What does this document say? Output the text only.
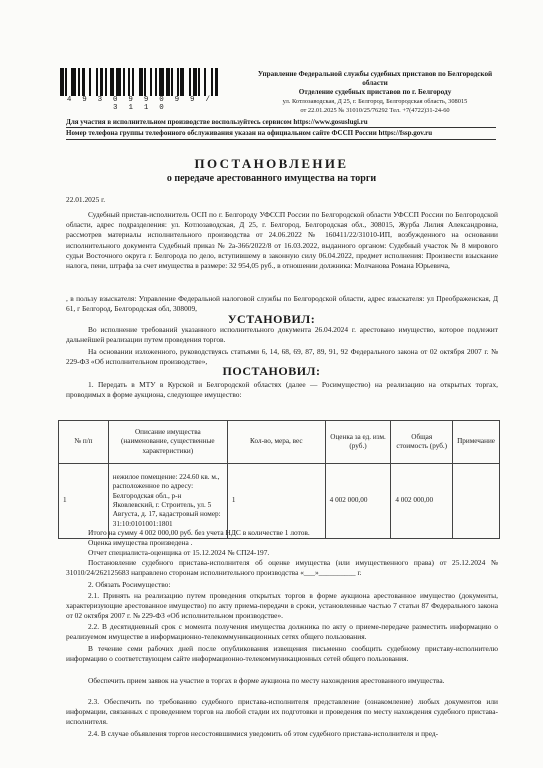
4 9 3 0 9 9 0 9 9 / 3 1 1 0
Управление Федеральной службы судебных приставов по Белгородской
области
Отделение судебных приставов по г. Белгороду
ул. Котлозаводская, Д 25, г. Белгород, Белгородская область, 308015
от 22.01.2025 № 31010/25/76292 Тел. +7(4722)31-24-60
Для участия в исполнительном производстве воспользуйтесь сервисом https://www.gosuslugi.ru
Номер телефона группы телефонного обслуживания указан на официальном сайте ФССП России https://fssp.gov.ru
ПОСТАНОВЛЕНИЕ
о передаче арестованного имущества на торги
22.01.2025 г.
Судебный пристав-исполнитель ОСП по г. Белгороду УФССП России по Белгородской области УФССП России по Белгородской области, адрес подразделения: ул. Котлозаводская, Д 25, г. Белгород, Белгородская обл., 308015, Журба Лилия Александровна, рассмотрев материалы исполнительного производства от 24.06.2022 № 160411/22/31010-ИП, возбужденного на основании исполнительного документа Судебный приказ № 2а-366/2022/8 от 16.03.2022, выданного органом: Судебный участок № 8 мирового судьи Восточного округа г. Белгорода по дело, вступившему в законную силу 06.04.2022, предмет исполнения: Произвести взыскание налога, пени, штрафа за счет имущества в размере: 32 954,05 руб., в отношении должника: Молчанова Романа Юрьевича,
, в пользу взыскателя: Управление Федеральной налоговой службы по Белгородской области, адрес взыскателя: ул Преображенская, Д 61, г Белгород, Белгородская обл, 308009,
УСТАНОВИЛ:
Во исполнение требований указанного исполнительного документа 26.04.2024 г. арестовано имущество, которое подлежит дальнейшей реализации путем проведения торгов.
На основании изложенного, руководствуясь статьями 6, 14, 68, 69, 87, 89, 91, 92 Федерального закона от 02 октября 2007 г. № 229-ФЗ «Об исполнительном производстве»,
ПОСТАНОВИЛ:
1. Передать в МТУ в Курской и Белгородской областях (далее — Росимущество) на реализацию на открытых торгах, проводимых в форме аукциона, следующее имущество:
№ п/п	Описание имущества (наименование, существенные характеристики)	Кол-во, мера, вес	Оценка за ед. изм. (руб.)	Общая стоимость (руб.)	Примечание
1	нежилое помещение: 224.60 кв. м., расположенное по адресу: Белгородская обл., р-н Яковлевский, г. Строитель, ул. 5 Августа, д. 17, кадастровый номер: 31:10:0101001:1801	1	4 002 000,00	4 002 000,00	
Итого на сумму 4 002 000,00 руб. без учета НДС в количестве 1 лотов.
Оценка имущества произведена .
Отчет специалиста-оценщика от 15.12.2024 № СП24-197.
Постановление судебного пристава-исполнителя об оценке имущества (или имущественного права) от 25.12.2024 № 31010/24/262125683 направлено сторонам исполнительного производства «___»__________ г.
2. Обязать Росимущество:
2.1. Принять на реализацию путем проведения открытых торгов в форме аукциона арестованное имущество (документы, характеризующие арестованное имущество) по акту приема-передачи в сроки, установленные частью 7 статьи 87 Федерального закона от 02 октября 2007 г. № 229-ФЗ «Об исполнительном производстве».
2.2. В десятидневный срок с момента получения имущества должника по акту о приеме-передаче разместить информацию о реализуемом имуществе в информационно-телекоммуникационных сетях общего пользования.
В течение семи рабочих дней после опубликования извещения письменно сообщить судебному приставу-исполнителю информацию о соответствующем сайте информационно-телекоммуникационных сетей общего пользования.
Обеспечить прием заявок на участие в торгах в форме аукциона по месту нахождения арестованного имущества.
2.3. Обеспечить по требованию судебного пристава-исполнителя представление (ознакомление) любых документов или информации, связанных с проведением торгов на любой стадии их подготовки и проведения по месту нахождения судебного пристава-исполнителя.
2.4. В случае объявления торгов несостоявшимися уведомить об этом судебного пристава-исполнителя и пред-
